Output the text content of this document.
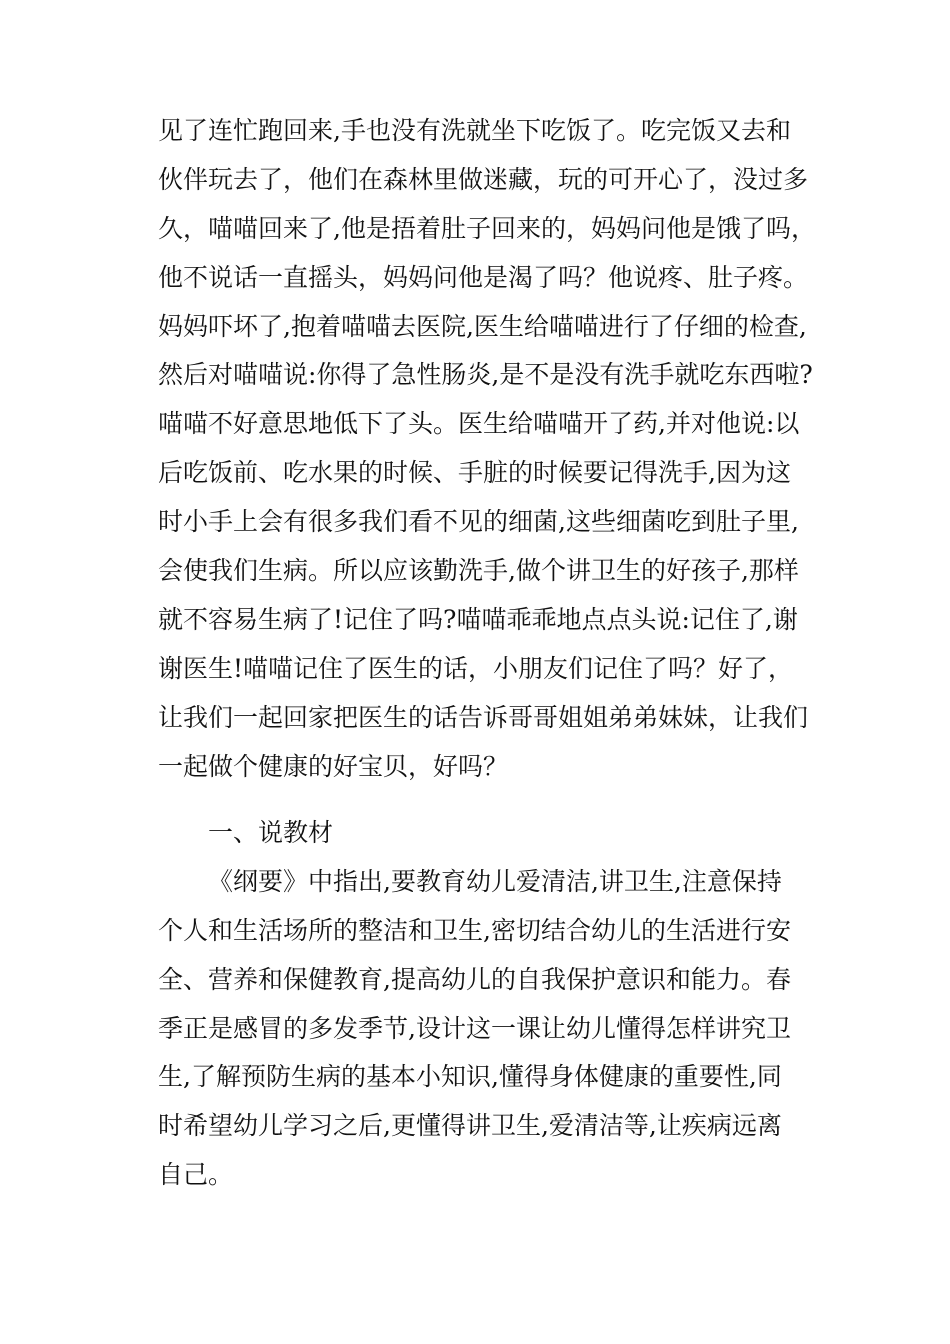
见了连忙跑回来,手也没有洗就坐下吃饭了。吃完饭又去和
伙伴玩去了，他们在森林里做迷藏，玩的可开心了，没过多
久，喵喵回来了,他是捂着肚子回来的，妈妈问他是饿了吗，
他不说话一直摇头，妈妈问他是渴了吗？他说疼、肚子疼。
妈妈吓坏了,抱着喵喵去医院,医生给喵喵进行了仔细的检查,
然后对喵喵说:你得了急性肠炎,是不是没有洗手就吃东西啦?
喵喵不好意思地低下了头。医生给喵喵开了药,并对他说:以
后吃饭前、吃水果的时候、手脏的时候要记得洗手,因为这
时小手上会有很多我们看不见的细菌,这些细菌吃到肚子里,
会使我们生病。所以应该勤洗手,做个讲卫生的好孩子,那样
就不容易生病了!记住了吗?喵喵乖乖地点点头说:记住了,谢
谢医生!喵喵记住了医生的话，小朋友们记住了吗？好了，
让我们一起回家把医生的话告诉哥哥姐姐弟弟妹妹，让我们
一起做个健康的好宝贝，好吗？
一、说教材
《纲要》中指出,要教育幼儿爱清洁,讲卫生,注意保持
个人和生活场所的整洁和卫生,密切结合幼儿的生活进行安
全、营养和保健教育,提高幼儿的自我保护意识和能力。春
季正是感冒的多发季节,设计这一课让幼儿懂得怎样讲究卫
生,了解预防生病的基本小知识,懂得身体健康的重要性,同
时希望幼儿学习之后,更懂得讲卫生,爱清洁等,让疾病远离
自己。
